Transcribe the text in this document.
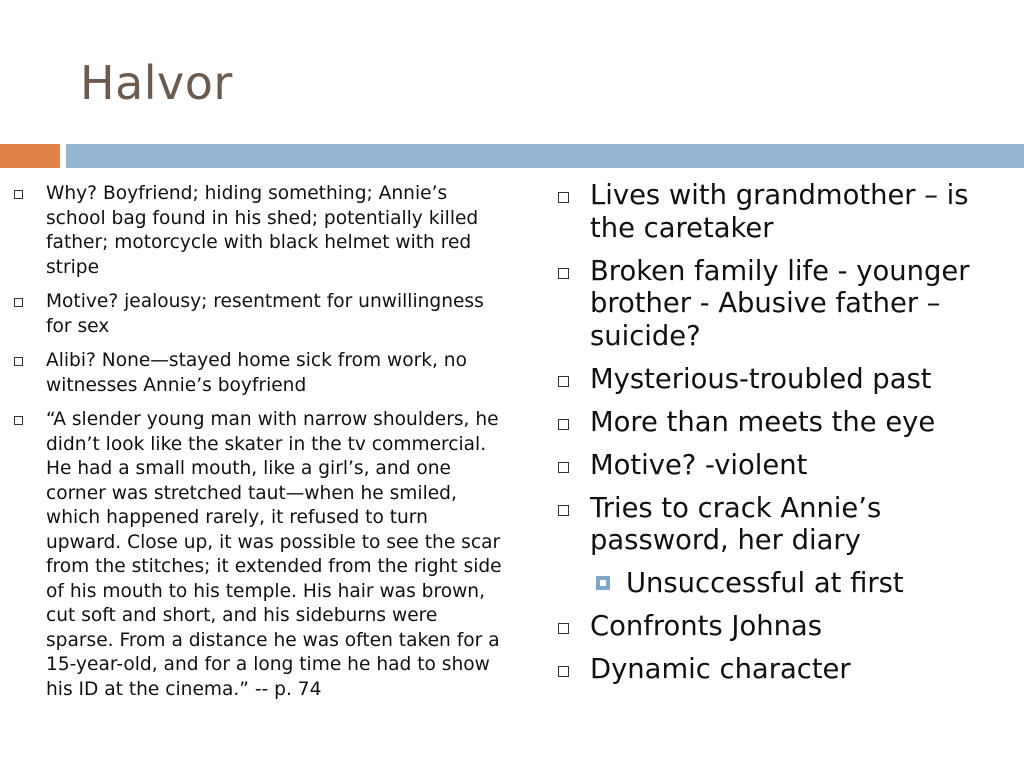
Halvor
Why? Boyfriend; hiding something; Annie’s school bag found in his shed; potentially killed father; motorcycle with black helmet with red stripe
Motive? jealousy; resentment for unwillingness for sex
Alibi? None—stayed home sick from work, no witnesses Annie’s boyfriend
“A slender young man with narrow shoulders, he didn’t look like the skater in the tv commercial. He had a small mouth, like a girl’s, and one corner was stretched taut—when he smiled, which happened rarely, it refused to turn upward. Close up, it was possible to see the scar from the stitches; it extended from the right side of his mouth to his temple. His hair was brown, cut soft and short, and his sideburns were sparse. From a distance he was often taken for a 15-year-old, and for a long time he had to show his ID at the cinema.” -- p. 74
Lives with grandmother – is the caretaker
Broken family life - younger brother - Abusive father – suicide?
Mysterious-troubled past
More than meets the eye
Motive? -violent
Tries to crack Annie’s password, her diary
Unsuccessful at first
Confronts Johnas
Dynamic character
